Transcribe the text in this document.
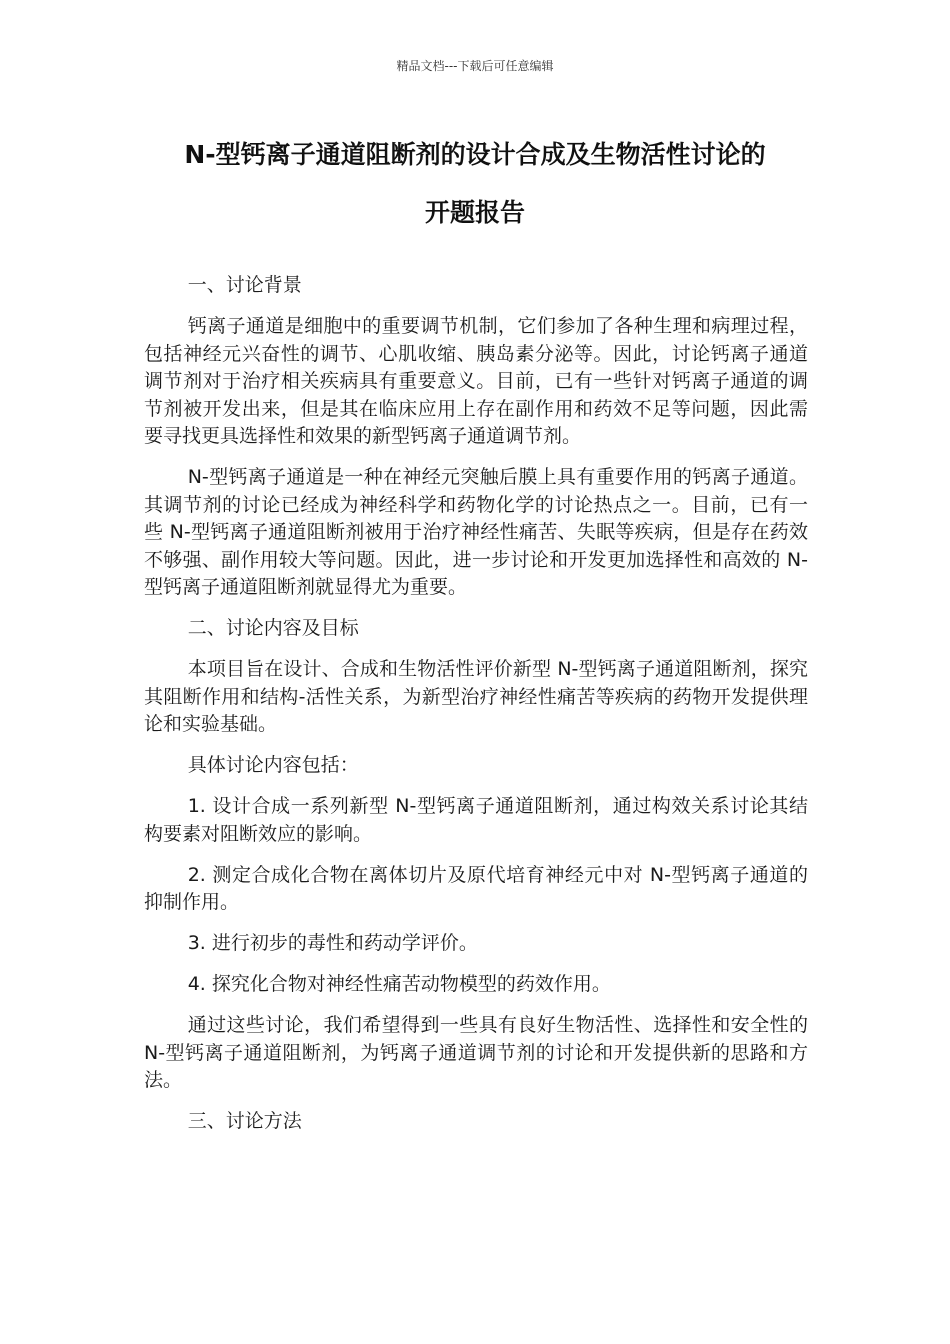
精品文档---下载后可任意编辑
N-型钙离子通道阻断剂的设计合成及生物活性讨论的
开题报告

一、讨论背景

钙离子通道是细胞中的重要调节机制，它们参加了各种生理和病理过程，包括神经元兴奋性的调节、心肌收缩、胰岛素分泌等。因此，讨论钙离子通道调节剂对于治疗相关疾病具有重要意义。目前，已有一些针对钙离子通道的调节剂被开发出来，但是其在临床应用上存在副作用和药效不足等问题，因此需要寻找更具选择性和效果的新型钙离子通道调节剂。

N-型钙离子通道是一种在神经元突触后膜上具有重要作用的钙离子通道。其调节剂的讨论已经成为神经科学和药物化学的讨论热点之一。目前，已有一些 N-型钙离子通道阻断剂被用于治疗神经性痛苦、失眠等疾病，但是存在药效不够强、副作用较大等问题。因此，进一步讨论和开发更加选择性和高效的 N-型钙离子通道阻断剂就显得尤为重要。

二、讨论内容及目标

本项目旨在设计、合成和生物活性评价新型 N-型钙离子通道阻断剂，探究其阻断作用和结构-活性关系，为新型治疗神经性痛苦等疾病的药物开发提供理论和实验基础。

具体讨论内容包括：

1. 设计合成一系列新型 N-型钙离子通道阻断剂，通过构效关系讨论其结构要素对阻断效应的影响。

2. 测定合成化合物在离体切片及原代培育神经元中对 N-型钙离子通道的抑制作用。

3. 进行初步的毒性和药动学评价。

4. 探究化合物对神经性痛苦动物模型的药效作用。

通过这些讨论，我们希望得到一些具有良好生物活性、选择性和安全性的 N-型钙离子通道阻断剂，为钙离子通道调节剂的讨论和开发提供新的思路和方法。

三、讨论方法
